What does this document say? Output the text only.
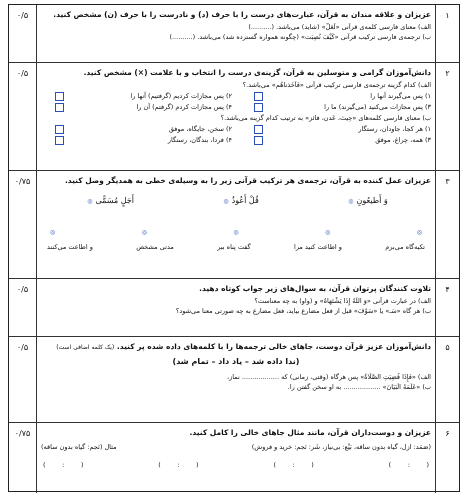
۱
عزیزان و علاقه مندان به قرآن، عبارت‌های درست را با حرف (د) و نادرست را با حرف (ن) مشخص کنید.
الف) معنای فارسی کلمه‌ی قرآنی «لَعَلَّ» (شاید) می‌باشد. (..........)
ب) ترجمه‌ی فارسی ترکیب قرآنی «کَیْفَ نُصِبَت» (چگونه همواره گسترده شد) می‌باشد. (..........)
۰/۵
۲
دانش‌آموزان گرامی و متوسلین به قرآن، گزینه‌ی درست را انتخاب و با علامت (×) مشخص کنید.
الف) کدام گزینه ترجمه‌ی فارسی ترکیب قرآنی «فَاَخَذناهُم» می‌باشد.؟
۱) پس می‌گیرند آنها را
۲) پس مجازات کردیم (گرفتیم) آنها را
۳) پس مجازات می‌کنید (می‌گیرند) ما را
۴) پس مجازات کردم (گرفتم) آن را
ب) معنای فارسی کلمه‌های «حِیث، عَدن، فائز» به ترتیب کدام گزینه می‌باشد.؟
۱) هر کجا، جاودان، رستگار
۲) سخن، جایگاه، موفق
۳) همه، چراغ، موفق
۴) فردا، بندگان، رستگار
۰/۵
۳
عزیزان عمل کننده به قرآن، ترجمه‌ی هر ترکیب قرآنی زیر را به وسیله‌ی خطی به همدیگر وصل کنید.
وَ أَطیعُونِ◎
قُلْ أَعُوذُ◎
أَجَلٍ مُسَمًّى◎
◎
◎
◎
◎
◎
تکیه‌گاه می‌برم
و اطاعت کنید مرا
گفت پناه ببر
مدتی مشخص
و اطاعت می‌کنند
۰/۷۵
۴
تلاوت کنندگان پرتوان قرآن، به سوال‌های زیر جواب کوتاه دهید.
الف) در عبارت قرآنی «وَ اللَّهُ إِذَا يَشْتَهَاهُ» و (واو) به چه معناست؟
ب) هر گاه «سَـ» یا «سَوْفَ» قبل از فعل مضارع بیاید، فعل مضارع به چه صورتی معنا می‌شود؟
۰/۵
۵
دانش‌آموزان عزیز قرآن دوست، جاهای خالی ترجمه‌ها را با کلمه‌های داده شده پر کنید. (یک کلمه اضافی است)
(ندا داده شد – یاد داد – تمام شد)
الف) «فَإِذَا قُضِيَتِ الصَّلَاةُ» پس هرگاه (وقتی، زمانی) که .................. نماز،
ب) «عَلَّمَهُ الْبَيَانَ» .................. به او سخن گفتن را.
۰/۵
۶
عزیزان و دوست‌داران قرآن، مانند مثال جاهای خالی را کامل کنید.
(صَمَد: ازل، گیاه بدون ساقه، بَیْع: بی‌نیاز، شَر: نَجم: خرید و فروش)
مثال (نَجم: گیاه بدون ساقه)
(        :        )
(        :        )
(        :        )
(        :        )
۰/۷۵
